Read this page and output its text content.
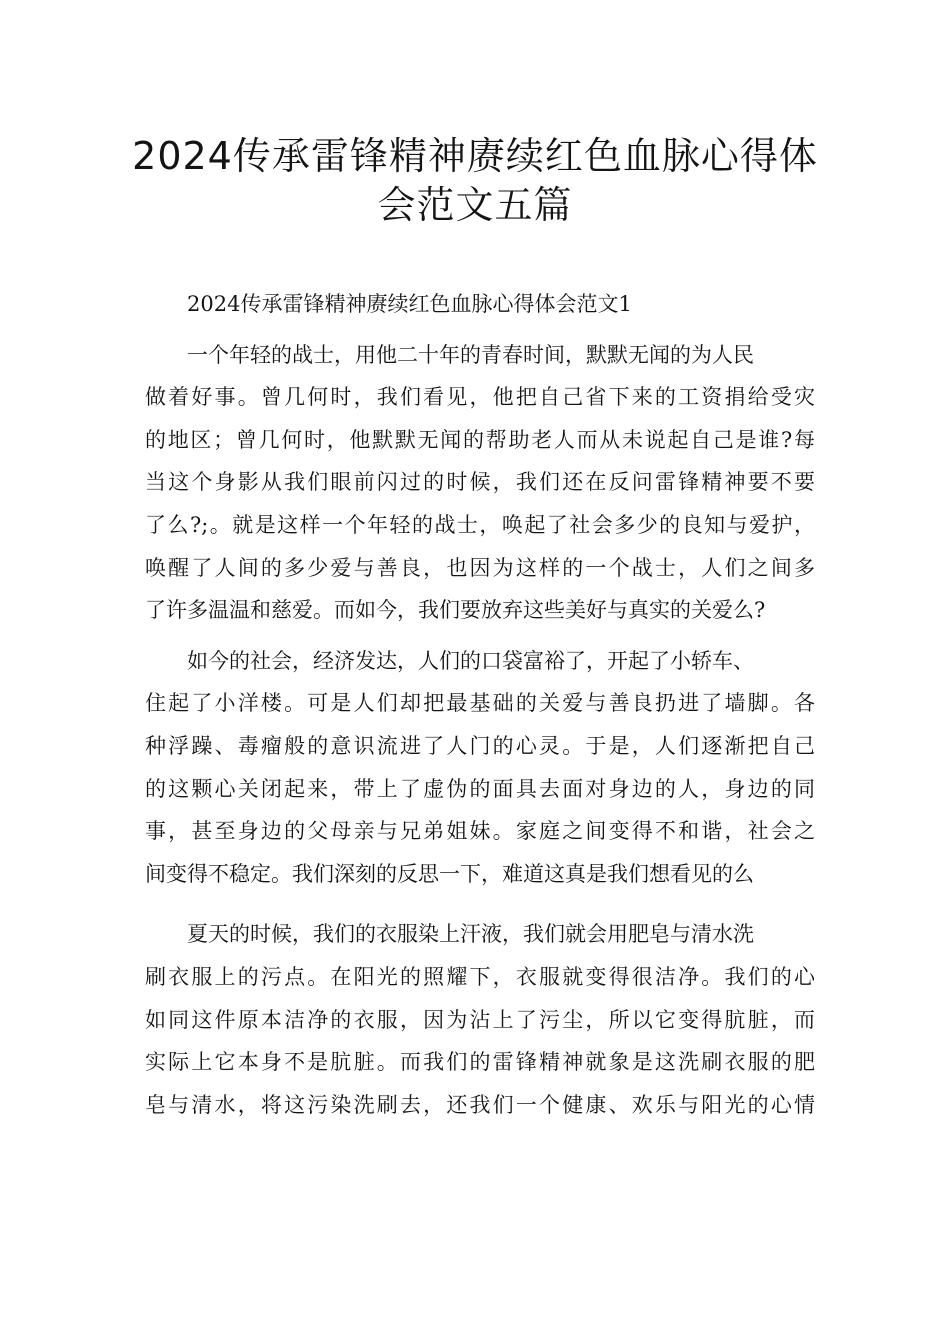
2024传承雷锋精神赓续红色血脉心得体
会范文五篇
2024传承雷锋精神赓续红色血脉心得体会范文1
一个年轻的战士，用他二十年的青春时间，默默无闻的为人民
做着好事。曾几何时，我们看见，他把自己省下来的工资捐给受灾
的地区；曾几何时，他默默无闻的帮助老人而从未说起自己是谁?每
当这个身影从我们眼前闪过的时候，我们还在反问雷锋精神要不要
了么?;。就是这样一个年轻的战士，唤起了社会多少的良知与爱护，
唤醒了人间的多少爱与善良，也因为这样的一个战士，人们之间多
了许多温温和慈爱。而如今，我们要放弃这些美好与真实的关爱么?
如今的社会，经济发达，人们的口袋富裕了，开起了小轿车、
住起了小洋楼。可是人们却把最基础的关爱与善良扔进了墙脚。各
种浮躁、毒瘤般的意识流进了人门的心灵。于是，人们逐渐把自己
的这颗心关闭起来，带上了虚伪的面具去面对身边的人，身边的同
事，甚至身边的父母亲与兄弟姐妹。家庭之间变得不和谐，社会之
间变得不稳定。我们深刻的反思一下，难道这真是我们想看见的么
夏天的时候，我们的衣服染上汗液，我们就会用肥皂与清水洗
刷衣服上的污点。在阳光的照耀下，衣服就变得很洁净。我们的心
如同这件原本洁净的衣服，因为沾上了污尘，所以它变得肮脏，而
实际上它本身不是肮脏。而我们的雷锋精神就象是这洗刷衣服的肥
皂与清水，将这污染洗刷去，还我们一个健康、欢乐与阳光的心情
